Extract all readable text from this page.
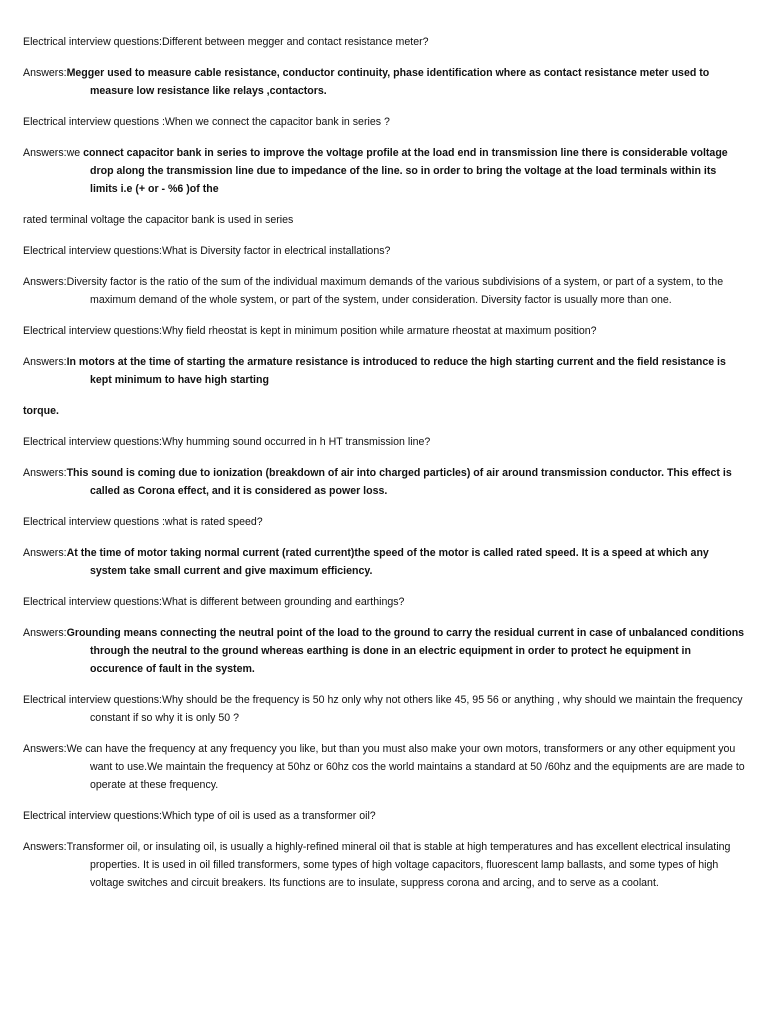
Electrical interview questions:Different between megger and contact resistance meter?

Answers:Megger used to measure cable resistance, conductor continuity, phase identification where as contact resistance meter used to measure low resistance like relays ,contactors.

Electrical interview questions :When we connect the capacitor bank in series ?

Answers:we connect capacitor bank in series to improve the voltage profile at the load end in transmission line there is considerable voltage drop along the transmission line due to impedance of the line. so in order to bring the voltage at the load terminals within its limits i.e (+ or - %6 )of the

rated terminal voltage the capacitor bank is used in series

Electrical interview questions:What is Diversity factor in electrical installations?

Answers:Diversity factor is the ratio of the sum of the individual maximum demands of the various subdivisions of a system, or part of a system, to the maximum demand of the whole system, or part of the system, under consideration. Diversity factor is usually more than one.

Electrical interview questions:Why field rheostat is kept in minimum position while armature rheostat at maximum position?

Answers:In motors at the time of starting the armature resistance is introduced to reduce the high starting current and the field resistance is kept minimum to have high starting

torque.

Electrical interview questions:Why humming sound occurred in h HT transmission line?

Answers:This sound is coming due to ionization (breakdown of air into charged particles) of air around transmission conductor. This effect is called as Corona effect, and it is considered as power loss.

Electrical interview questions :what is rated speed?

Answers:At the time of motor taking normal current (rated current)the speed of the motor is called rated speed. It is a speed at which any system take small current and give maximum efficiency.

Electrical interview questions:What is different between grounding and earthings?

Answers:Grounding means connecting the neutral point of the load to the ground to carry the residual current in case of unbalanced conditions through the neutral to the ground whereas earthing is done in an electric equipment in order to protect he equipment in occurence of fault in the system.

Electrical interview questions:Why should be the frequency is 50 hz only why not others like 45, 95 56 or anything , why should we maintain the frequency constant if so why it is only 50 ?

Answers:We can have the frequency at any frequency you like, but than you must also make your own motors, transformers or any other equipment you want to use.We maintain the frequency at 50hz or 60hz cos the world maintains a standard at 50 /60hz and the equipments are are made to operate at these frequency.

Electrical interview questions:Which type of oil is used as a transformer oil?

Answers:Transformer oil, or insulating oil, is usually a highly-refined mineral oil that is stable at high temperatures and has excellent electrical insulating properties. It is used in oil filled transformers, some types of high voltage capacitors, fluorescent lamp ballasts, and some types of high voltage switches and circuit breakers. Its functions are to insulate, suppress corona and arcing, and to serve as a coolant.
